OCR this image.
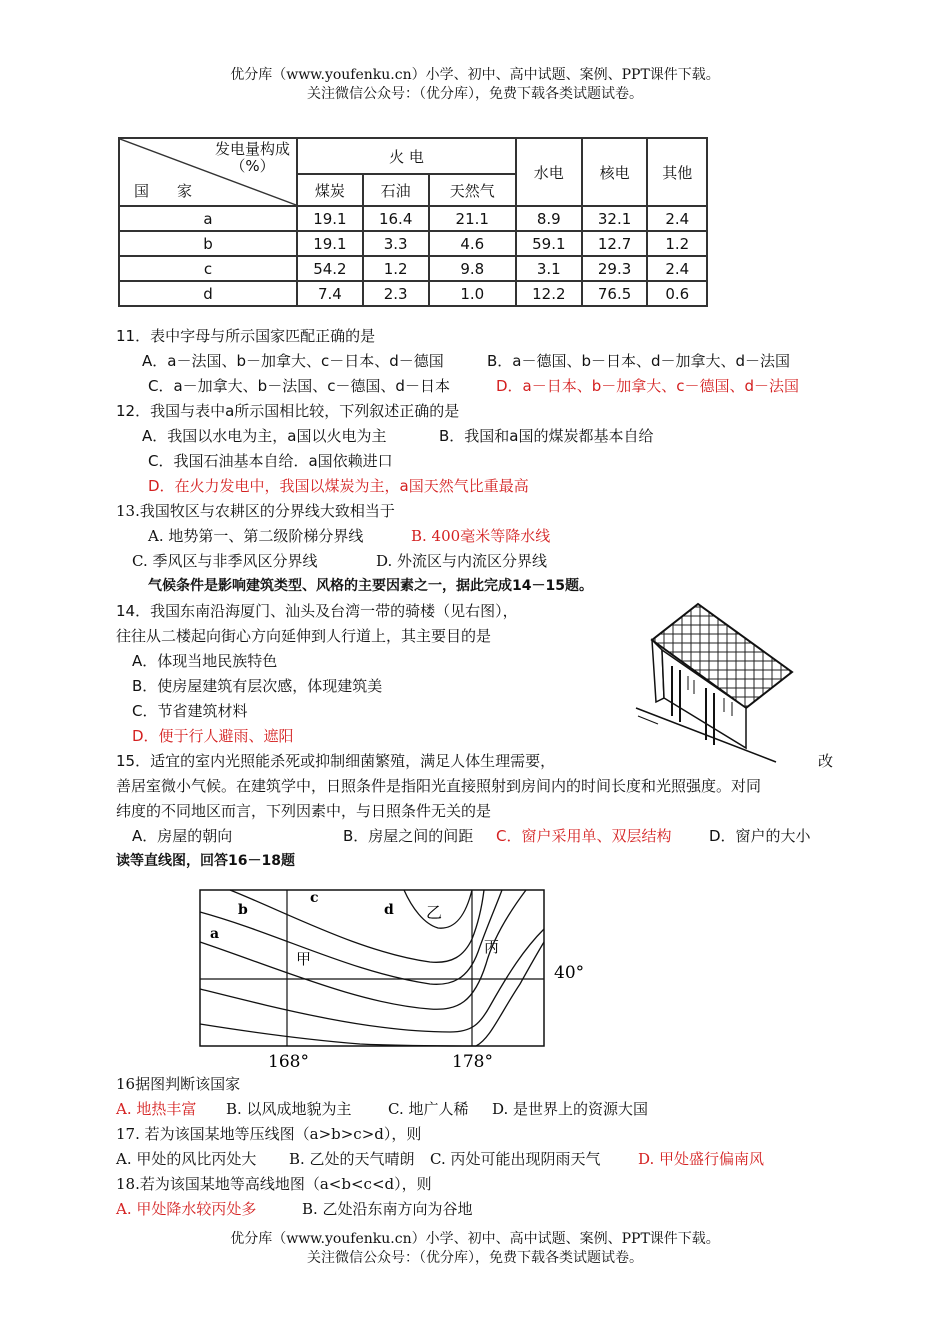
优分库（www.youfenku.cn）小学、初中、高中试题、案例、PPT课件下载。
关注微信公众号：（优分库），免费下载各类试题试卷。
发电量构成
（%）
国家	火 电			水电	核电	其他
	煤炭	石油	天然气			
a	19.1	16.4	21.1	8.9	32.1	2.4
b	19.1	3.3	4.6	59.1	12.7	1.2
c	54.2	1.2	9.8	3.1	29.3	2.4
d	7.4	2.3	1.0	12.2	76.5	0.6
11．表中字母与所示国家匹配正确的是
A．a－法国、b－加拿大、c－日本、d－德国	B．a－德国、b－日本、d－加拿大、d－法国
C．a－加拿大、b－法国、c－德国、d－日本	D．a－日本、b－加拿大、c－德国、d－法国
12．我国与表中a所示国相比较，下列叙述正确的是
A．我国以水电为主，a国以火电为主	B．我国和a国的煤炭都基本自给
C．我国石油基本自给．a国依赖进口
D．在火力发电中，我国以煤炭为主，a国天然气比重最高
13.我国牧区与农耕区的分界线大致相当于
A. 地势第一、第二级阶梯分界线	B. 400毫米等降水线
C. 季风区与非季风区分界线	D. 外流区与内流区分界线
气候条件是影响建筑类型、风格的主要因素之一，据此完成14－15题。
14．我国东南沿海厦门、汕头及台湾一带的骑楼（见右图），
往往从二楼起向街心方向延伸到人行道上，其主要目的是
A．体现当地民族特色
B．使房屋建筑有层次感，体现建筑美
C．节省建筑材料
D．便于行人避雨、遮阳
15．适宜的室内光照能杀死或抑制细菌繁殖，满足人体生理需要，	改
善居室微小气候。在建筑学中，日照条件是指阳光直接照射到房间内的时间长度和光照强度。对同
纬度的不同地区而言，下列因素中，与日照条件无关的是
A．房屋的朝向	B．房屋之间的间距 C．窗户采用单、双层结构	D．窗户的大小
读等直线图，回答16－18题
b
c
d
a
乙
甲
丙
40°
168°	178°
16据图判断该国家
A. 地热丰富 B. 以风成地貌为主 C. 地广人稀 D. 是世界上的资源大国
17. 若为该国某地等压线图（a>b>c>d），则
A. 甲处的风比丙处大 B. 乙处的天气晴朗 C. 丙处可能出现阴雨天气	D. 甲处盛行偏南风
18.若为该国某地等高线地图（a<b<c<d），则
A. 甲处降水较丙处多	B. 乙处沿东南方向为谷地
优分库（www.youfenku.cn）小学、初中、高中试题、案例、PPT课件下载。
关注微信公众号：（优分库），免费下载各类试题试卷。
